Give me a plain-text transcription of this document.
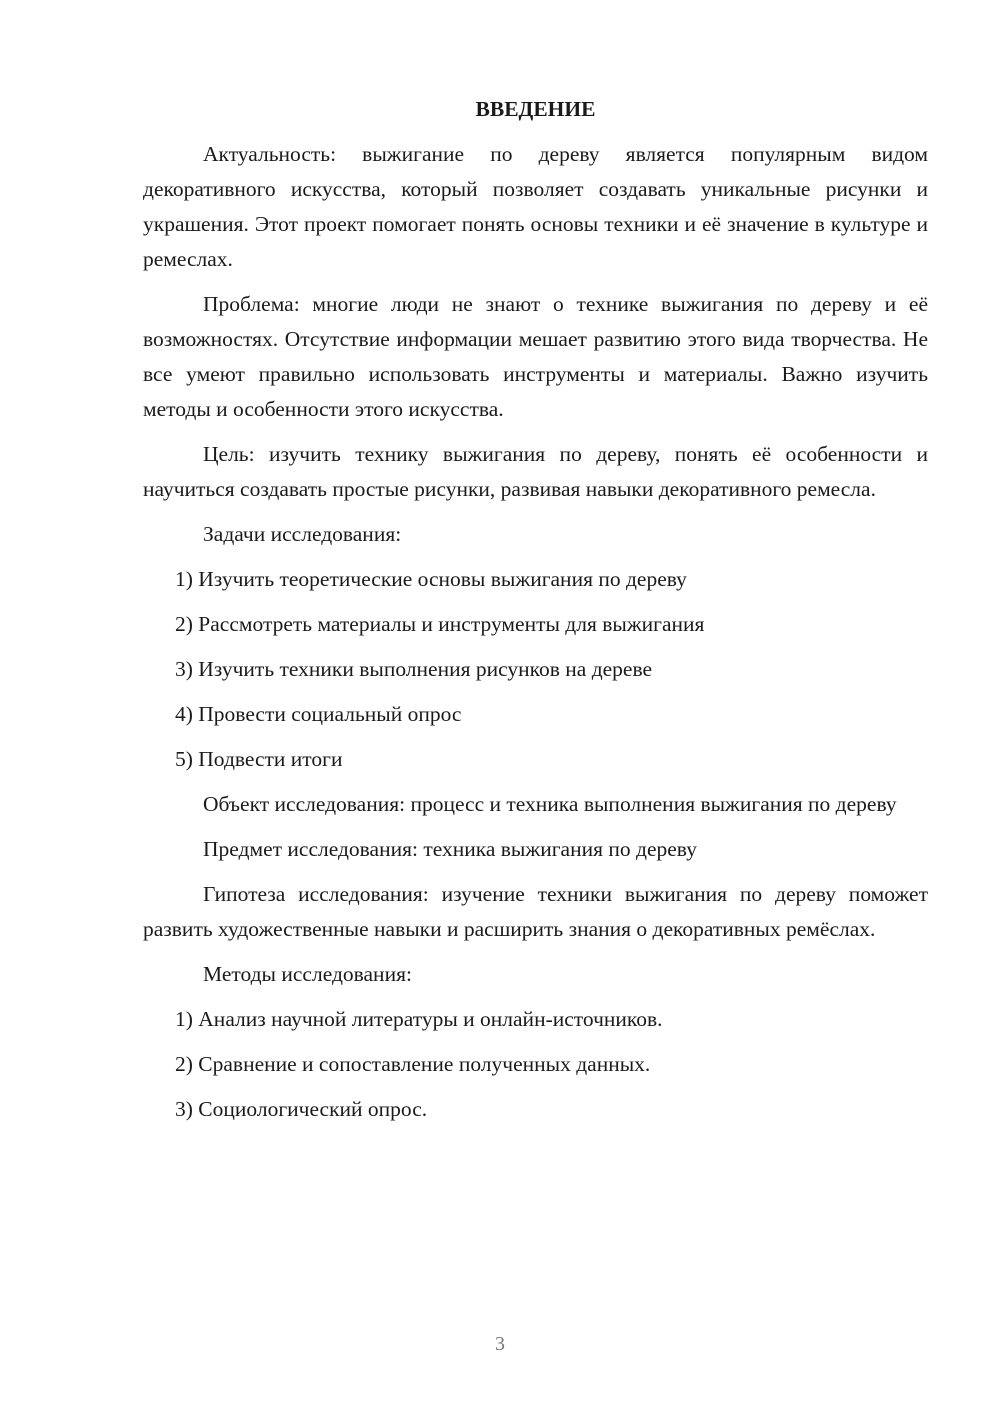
ВВЕДЕНИЕ

Актуальность: выжигание по дереву является популярным видом декоративного искусства, который позволяет создавать уникальные рисунки и украшения. Этот проект помогает понять основы техники и её значение в культуре и ремеслах.

Проблема: многие люди не знают о технике выжигания по дереву и её возможностях. Отсутствие информации мешает развитию этого вида творчества. Не все умеют правильно использовать инструменты и материалы. Важно изучить методы и особенности этого искусства.

Цель: изучить технику выжигания по дереву, понять её особенности и научиться создавать простые рисунки, развивая навыки декоративного ремесла.

Задачи исследования:

1) Изучить теоретические основы выжигания по дереву

2) Рассмотреть материалы и инструменты для выжигания

3) Изучить техники выполнения рисунков на дереве

4) Провести социальный опрос

5) Подвести итоги

Объект исследования: процесс и техника выполнения выжигания по дереву

Предмет исследования: техника выжигания по дереву

Гипотеза исследования: изучение техники выжигания по дереву поможет развить художественные навыки и расширить знания о декоративных ремёслах.

Методы исследования:

1) Анализ научной литературы и онлайн-источников.

2) Сравнение и сопоставление полученных данных.

3) Социологический опрос.

3
